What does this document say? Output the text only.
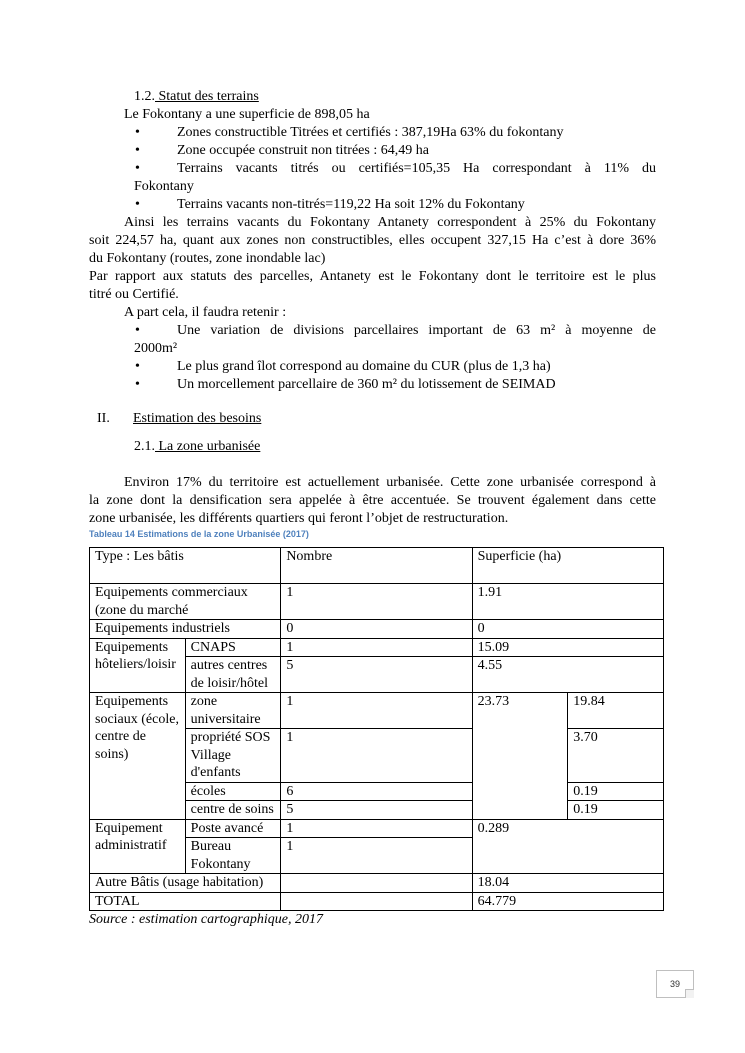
1.2. Statut des terrains
Le Fokontany a une superficie de 898,05 ha
•	Zones constructible Titrées et certifiés : 387,19Ha 63% du fokontany
•	Zone occupée construit non titrées : 64,49 ha
•	Terrains vacants titrés ou certifiés=105,35 Ha correspondant à 11% du
Fokontany
•	Terrains vacants non-titrés=119,22 Ha soit 12% du Fokontany
Ainsi les terrains vacants du Fokontany Antanety correspondent à 25% du Fokontany
soit 224,57 ha, quant aux zones non constructibles, elles occupent 327,15 Ha c’est à dore 36%
du Fokontany (routes, zone inondable lac)
Par rapport aux statuts des parcelles, Antanety est le Fokontany dont le territoire est le plus
titré ou Certifié.
A part cela, il faudra retenir :
•	Une variation de divisions parcellaires important de 63 m² à moyenne de
2000m²
•	Le plus grand îlot correspond au domaine du CUR (plus de 1,3 ha)
•	Un morcellement parcellaire de 360 m² du lotissement de SEIMAD
II. Estimation des besoins
2.1. La zone urbanisée
Environ 17% du territoire est actuellement urbanisée. Cette zone urbanisée correspond à
la zone dont la densification sera appelée à être accentuée. Se trouvent également dans cette
zone urbanisée, les différents quartiers qui feront l’objet de restructuration.
Tableau 14 Estimations de la zone Urbanisée (2017)
Type : Les bâtis		Nombre	Superficie (ha)	
Equipements commerciaux (zone du marché		1	1.91	
Equipements industriels		0	0	
Equipements hôteliers/loisir	CNAPS	1	15.09	
	autres centres de loisir/hôtel	5	4.55	
Equipements sociaux (école, centre de soins)	zone universitaire	1	23.73	19.84
	propriété SOS Village d'enfants	1		3.70
	écoles	6		0.19
	centre de soins	5		0.19
Equipement administratif	Poste avancé	1	0.289	
	Bureau Fokontany	1		
Autre Bâtis (usage habitation)			18.04	
TOTAL			64.779	
Source : estimation cartographique, 2017
39
